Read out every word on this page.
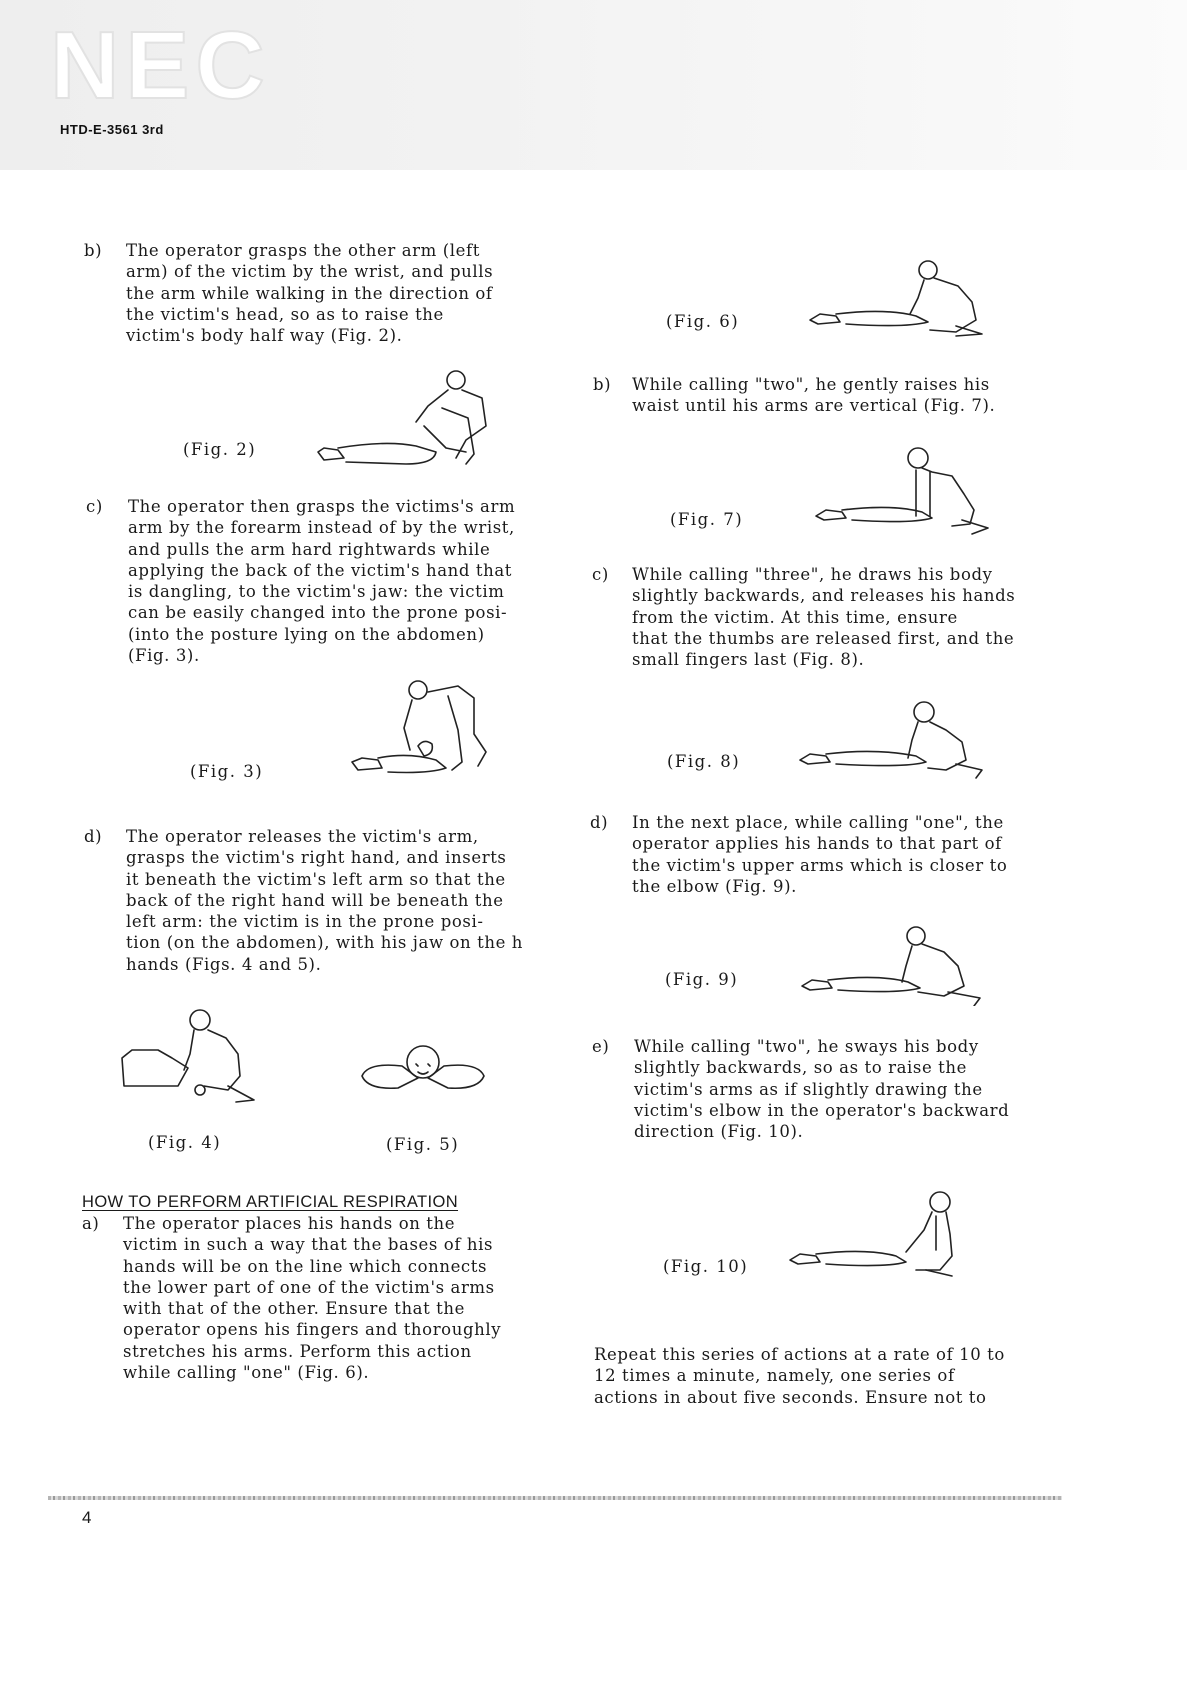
NEC
HTD-E-3561 3rd
b) The operator grasps the other arm (left
arm) of the victim by the wrist, and pulls
the arm while walking in the direction of
the victim's head, so as to raise the
victim's body half way (Fig. 2).
(Fig. 2)
c) The operator then grasps the victims's arm
arm by the forearm instead of by the wrist,
and pulls the arm hard rightwards while
applying the back of the victim's hand that
is dangling, to the victim's jaw: the victim
can be easily changed into the prone posi-
(into the posture lying on the abdomen)
(Fig. 3).
(Fig. 3)
d) The operator releases the victim's arm,
grasps the victim's right hand, and inserts
it beneath the victim's left arm so that the
back of the right hand will be beneath the
left arm: the victim is in the prone posi-
tion (on the abdomen), with his jaw on the h
hands (Figs. 4 and 5).
(Fig. 4)	(Fig. 5)
HOW TO PERFORM ARTIFICIAL RESPIRATION
a) The operator places his hands on the
victim in such a way that the bases of his
hands will be on the line which connects
the lower part of one of the victim's arms
with that of the other. Ensure that the
operator opens his fingers and thoroughly
stretches his arms. Perform this action
while calling "one" (Fig. 6).
(Fig. 6)
b) While calling "two", he gently raises his
waist until his arms are vertical (Fig. 7).
(Fig. 7)
c) While calling "three", he draws his body
slightly backwards, and releases his hands
from the victim. At this time, ensure
that the thumbs are released first, and the
small fingers last (Fig. 8).
(Fig. 8)
d) In the next place, while calling "one", the
operator applies his hands to that part of
the victim's upper arms which is closer to
the elbow (Fig. 9).
(Fig. 9)
e) While calling "two", he sways his body
slightly backwards, so as to raise the
victim's arms as if slightly drawing the
victim's elbow in the operator's backward
direction (Fig. 10).
(Fig. 10)
Repeat this series of actions at a rate of 10 to
12 times a minute, namely, one series of
actions in about five seconds. Ensure not to
4
